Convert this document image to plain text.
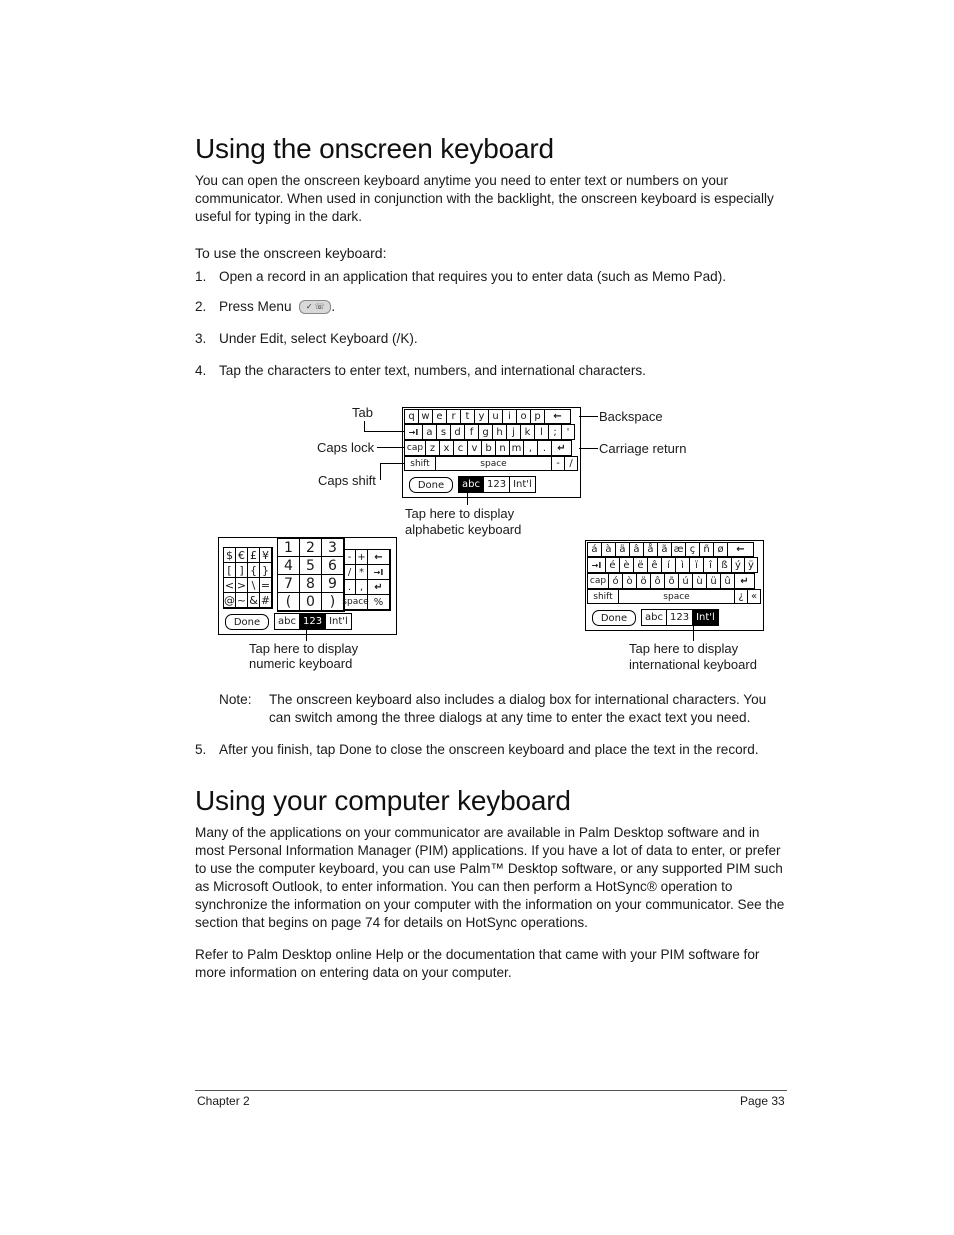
Using the onscreen keyboard

You can open the onscreen keyboard anytime you need to enter text or numbers on your communicator. When used in conjunction with the backlight, the onscreen keyboard is especially useful for typing in the dark.

To use the onscreen keyboard:
1. Open a record in an application that requires you to enter data (such as Memo Pad).
2. Press Menu ✓ ☏ .
3. Under Edit, select Keyboard (/K).
4. Tap the characters to enter text, numbers, and international characters.
q w e r t y u i o p	←
→I a s d f g h j k l	; '
cap z x c v b n m ,	.	↵
shift	space	- /
Done	abc 123 Int'l
Tab
Caps lock
Caps shift
Backspace
Carriage return
Tap here to display
alphabetic keyboard
$ € £ ¥
[ ] { }
< > \ =
@ ~ & #
1 2 3
4 5 6
7 8 9
(	0	)
- + ←
/ *	→I
. ,	↵
space %
Done	abc 123 Int'l
Tap here to display
numeric keyboard
á à ä â å ã æ ç ñ ø	←
→I é è ë ê í	ì	ï	î ß ý ÿ
cap ó ò ö ô õ ú ù ü û ↵
shift	space	¿ «
Done	abc 123 Int'l
Tap here to display
international keyboard
Note: The onscreen keyboard also includes a dialog box for international characters. You can switch among the three dialogs at any time to enter the exact text you need.
5. After you finish, tap Done to close the onscreen keyboard and place the text in the record.
Using your computer keyboard

Many of the applications on your communicator are available in Palm Desktop software and in most Personal Information Manager (PIM) applications. If you have a lot of data to enter, or prefer to use the computer keyboard, you can use Palm™ Desktop software, or any supported PIM such as Microsoft Outlook, to enter information. You can then perform a HotSync® operation to synchronize the information on your computer with the information on your communicator. See the section that begins on page 74 for details on HotSync operations.

Refer to Palm Desktop online Help or the documentation that came with your PIM software for more information on entering data on your computer.

Chapter 2	Page 33
